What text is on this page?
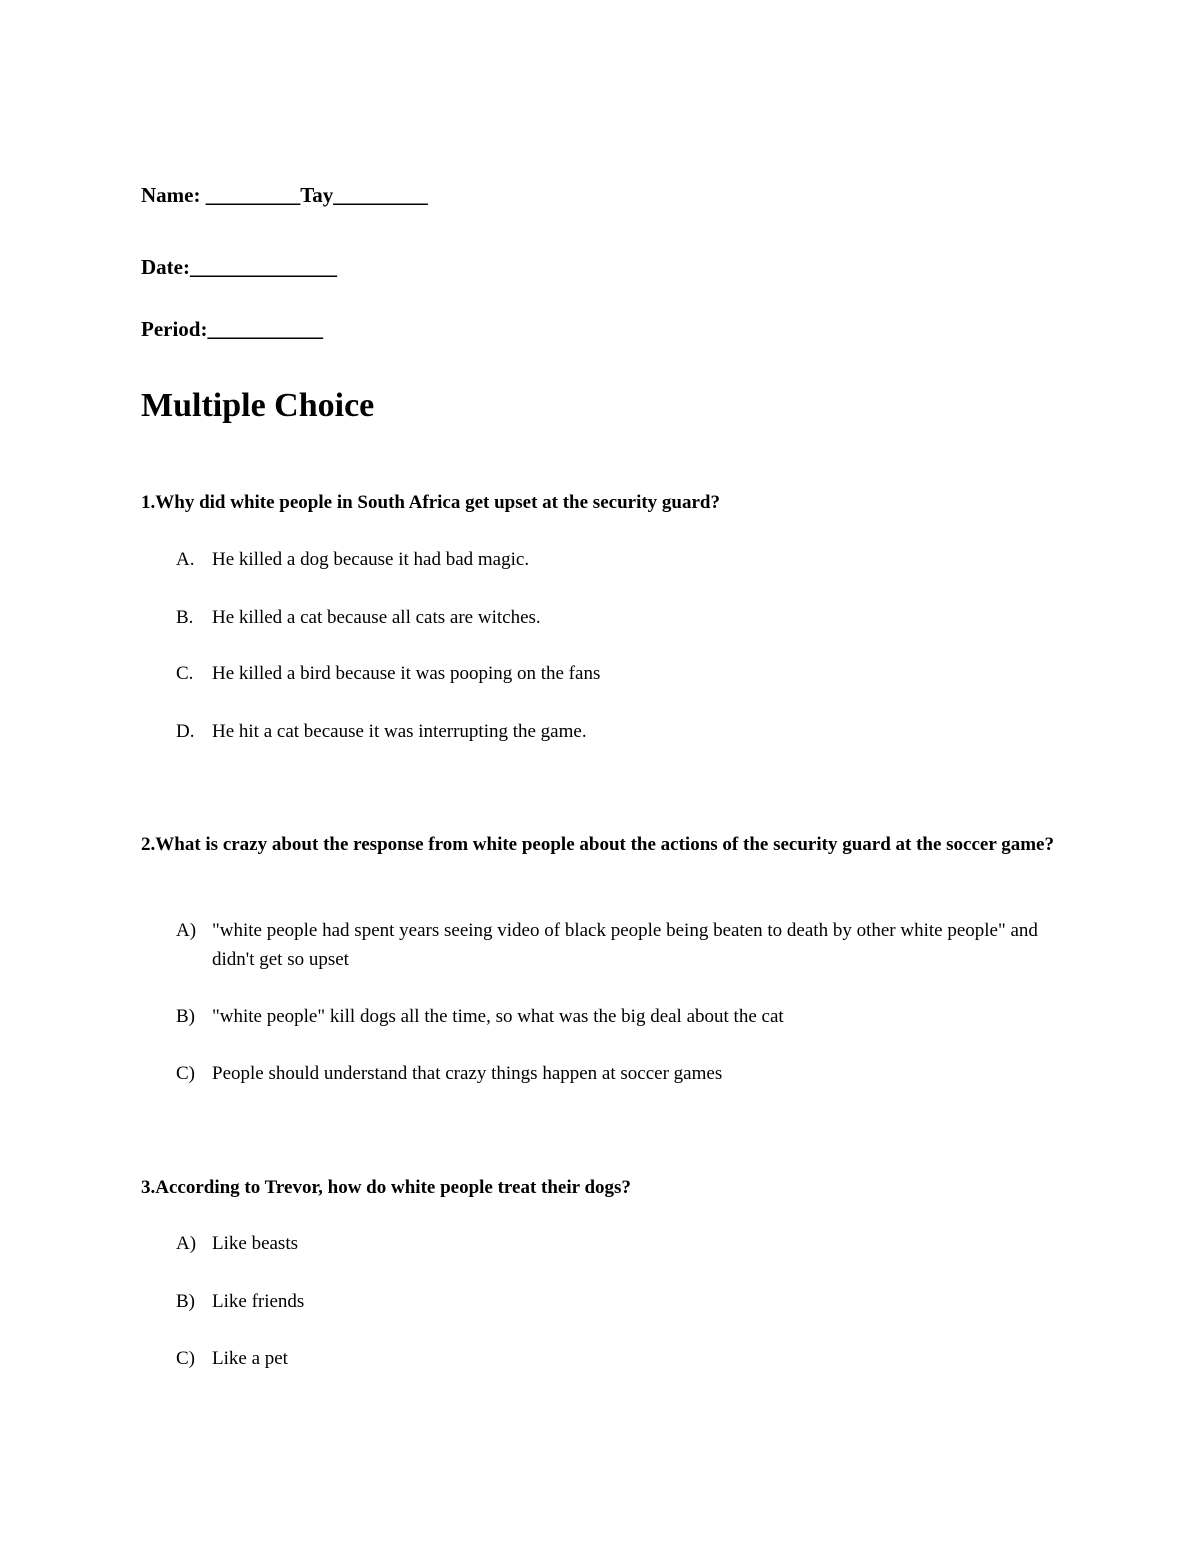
Name: _________Tay_________
Date:______________
Period:___________
Multiple Choice

1.Why did white people in South Africa get upset at the security guard?

A. He killed a dog because it had bad magic.
B. He killed a cat because all cats are witches.
C. He killed a bird because it was pooping on the fans
D. He hit a cat because it was interrupting the game.

2.What is crazy about the response from white people about the actions of the security guard at the soccer game?

A) "white people had spent years seeing video of black people being beaten to death by other white people" and didn't get so upset
B) "white people" kill dogs all the time, so what was the big deal about the cat
C) People should understand that crazy things happen at soccer games

3.According to Trevor, how do white people treat their dogs?

A) Like beasts
B) Like friends
C) Like a pet
